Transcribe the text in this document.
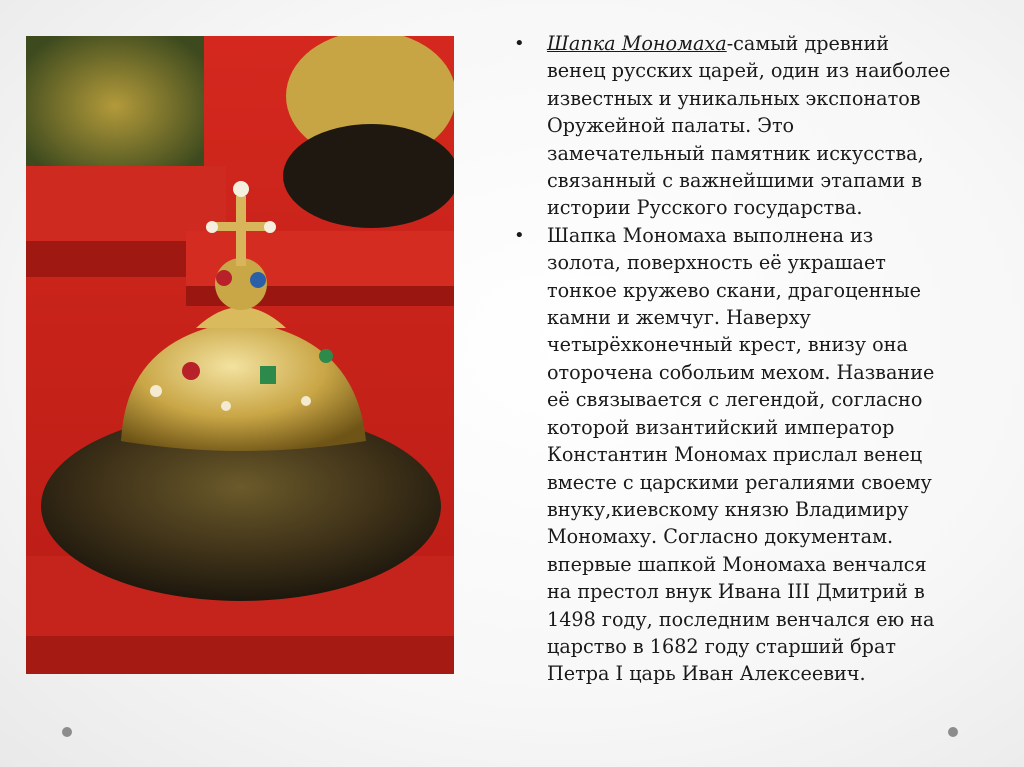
• Шапка Мономаха-самый древний венец русских царей, один из наиболее известных и уникальных экспонатов Оружейной палаты. Это замечательный памятник искусства, связанный с важнейшими этапами в истории Русского государства.

• Шапка Мономаха выполнена из золота, поверхность её украшает тонкое кружево скани, драгоценные камни и жемчуг. Наверху четырёхконечный крест, внизу она оторочена собольим мехом. Название её связывается с легендой, согласно которой византийский император Константин Мономах прислал венец вместе с царскими регалиями своему внуку,киевскому князю Владимиру Мономаху. Согласно документам. впервые шапкой Мономаха венчался на престол внук Ивана III Дмитрий в 1498 году, последним венчался ею на царство в 1682 году старший брат Петра I царь Иван Алексеевич.
